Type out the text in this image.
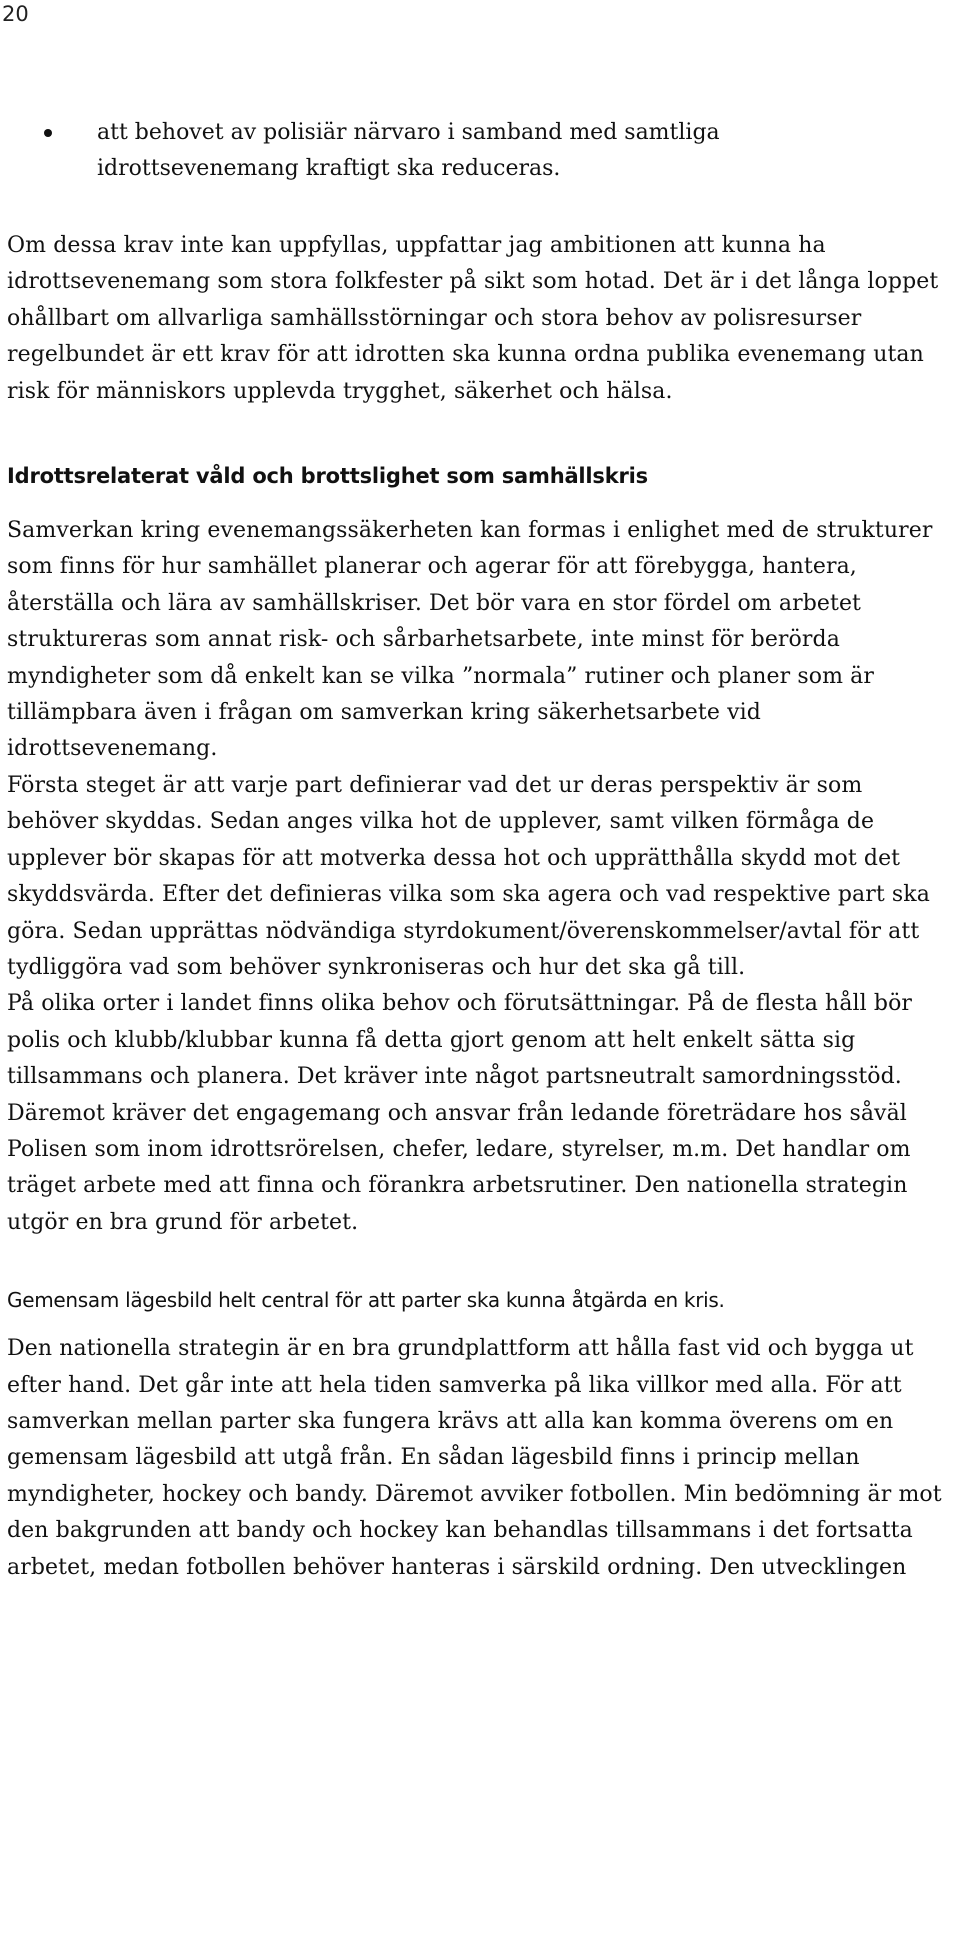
20
att behovet av polisiär närvaro i samband med samtliga idrottsevenemang kraftigt ska reduceras.

Om dessa krav inte kan uppfyllas, uppfattar jag ambitionen att kunna ha idrottsevenemang som stora folkfester på sikt som hotad. Det är i det långa loppet ohållbart om allvarliga samhällsstörningar och stora behov av polisresurser regelbundet är ett krav för att idrotten ska kunna ordna publika evenemang utan risk för människors upplevda trygghet, säkerhet och hälsa.

Idrottsrelaterat våld och brottslighet som samhällskris

Samverkan kring evenemangssäkerheten kan formas i enlighet med de strukturer som finns för hur samhället planerar och agerar för att förebygga, hantera, återställa och lära av samhällskriser. Det bör vara en stor fördel om arbetet struktureras som annat risk- och sårbarhetsarbete, inte minst för berörda myndigheter som då enkelt kan se vilka ”normala” rutiner och planer som är tillämpbara även i frågan om samverkan kring säkerhetsarbete vid idrottsevenemang.

Första steget är att varje part definierar vad det ur deras perspektiv är som behöver skyddas. Sedan anges vilka hot de upplever, samt vilken förmåga de upplever bör skapas för att motverka dessa hot och upprätthålla skydd mot det skyddsvärda. Efter det definieras vilka som ska agera och vad respektive part ska göra. Sedan upprättas nödvändiga styrdokument/överenskommelser/avtal för att tydliggöra vad som behöver synkroniseras och hur det ska gå till.

På olika orter i landet finns olika behov och förutsättningar. På de flesta håll bör polis och klubb/klubbar kunna få detta gjort genom att helt enkelt sätta sig tillsammans och planera. Det kräver inte något partsneutralt samordningsstöd. Däremot kräver det engagemang och ansvar från ledande företrädare hos såväl Polisen som inom idrottsrörelsen, chefer, ledare, styrelser, m.m. Det handlar om träget arbete med att finna och förankra arbetsrutiner. Den nationella strategin utgör en bra grund för arbetet.

Gemensam lägesbild helt central för att parter ska kunna åtgärda en kris.

Den nationella strategin är en bra grundplattform att hålla fast vid och bygga ut efter hand. Det går inte att hela tiden samverka på lika villkor med alla. För att samverkan mellan parter ska fungera krävs att alla kan komma överens om en gemensam lägesbild att utgå från. En sådan lägesbild finns i princip mellan myndigheter, hockey och bandy. Däremot avviker fotbollen. Min bedömning är mot den bakgrunden att bandy och hockey kan behandlas tillsammans i det fortsatta arbetet, medan fotbollen behöver hanteras i särskild ordning. Den utvecklingen
